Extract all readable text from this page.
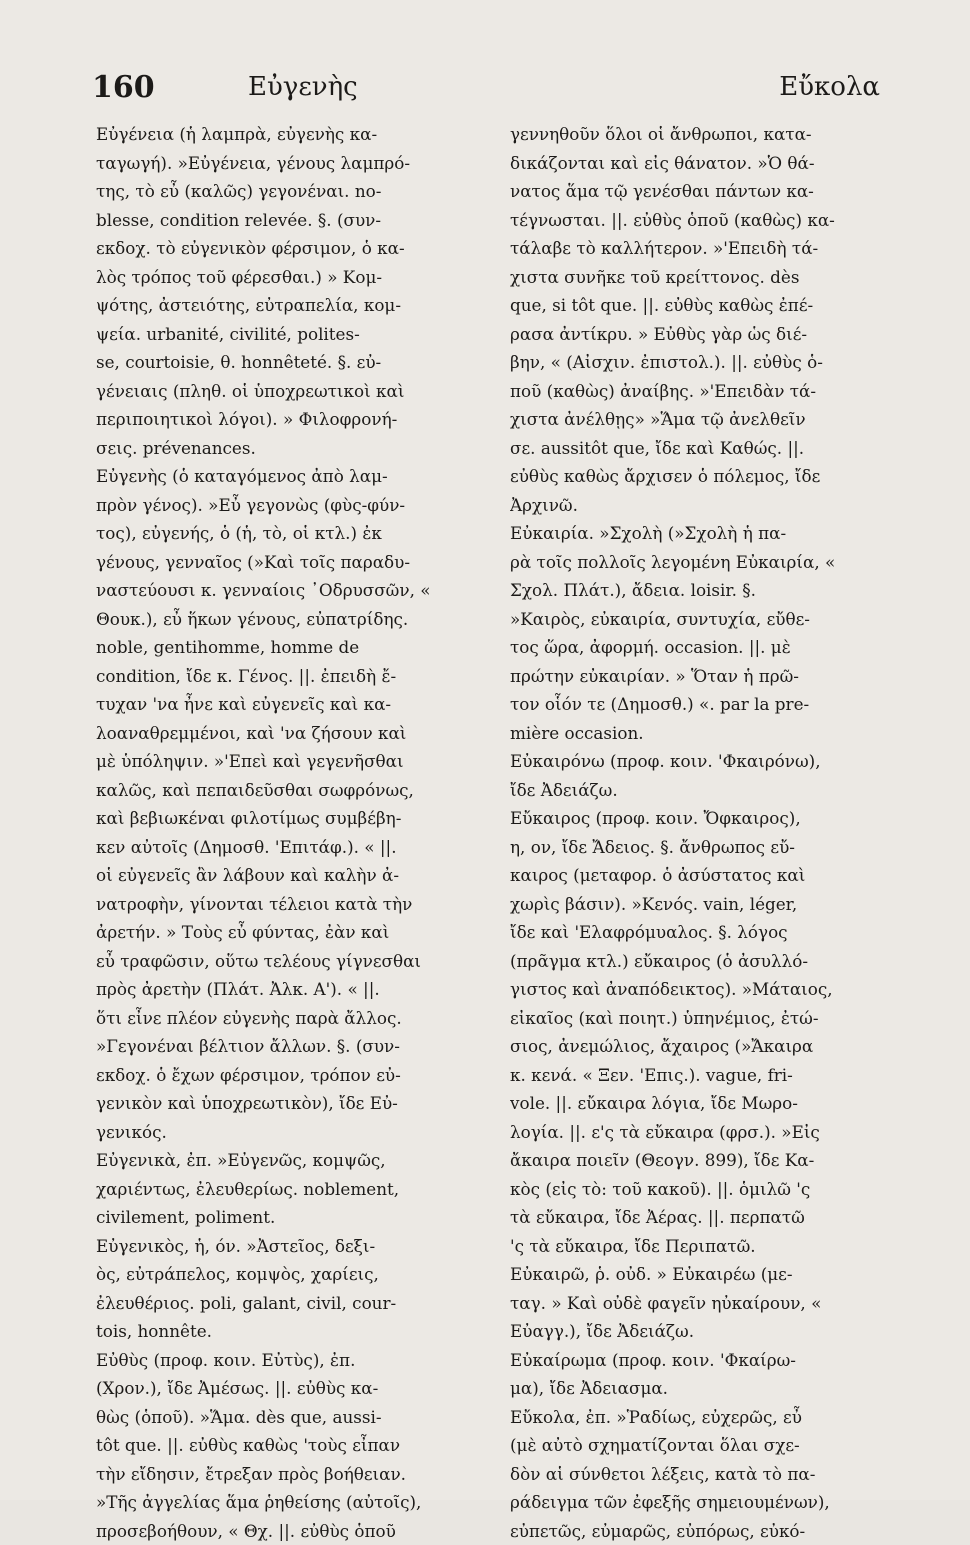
160	Εὐγενὴς	Εὔκολα
Εὐγένεια (ἡ λαμπρὰ, εὐγενὴς κα-
ταγωγή). »Εὐγένεια, γένους λαμπρό-
της, τὸ εὖ (καλῶς) γεγονέναι. no-
blesse, condition relevée. §. (συν-
εκδοχ. τὸ εὐγενικὸν φέρσιμον, ὁ κα-
λὸς τρόπος τοῦ φέρεσθαι.) » Κομ-
ψότης, ἀστειότης, εὐτραπελία, κομ-
ψεία. urbanité, civilité, polites-
se, courtoisie, θ. honnêteté. §. εὐ-
γένειαις (πληθ. οἱ ὑποχρεωτικοὶ καὶ
περιποιητικοὶ λόγοι). » Φιλοφρονή-
σεις. prévenances.
Εὐγενὴς (ὁ καταγόμενος ἀπὸ λαμ-
πρὸν γένος). »Εὖ γεγονὼς (φὺς-φύν-
τος), εὐγενής, ὁ (ἡ, τὸ, οἱ κτλ.) ἐκ
γένους, γενναῖος (»Καὶ τοῖς παραδυ-
ναστεύουσι κ. γενναίοις ᾿Οδρυσσῶν, «
Θουκ.), εὖ ἥκων γένους, εὐπατρίδης.
noble, gentihomme, homme de
condition, ἴδε κ. Γένος. ||. ἐπειδὴ ἔ-
τυχαν 'να ἦνε καὶ εὐγενεῖς καὶ κα-
λοαναθρεμμένοι, καὶ 'να ζήσουν καὶ
μὲ ὑπόληψιν. »'Επεὶ καὶ γεγενῆσθαι
καλῶς, καὶ πεπαιδεῦσθαι σωφρόνως,
καὶ βεβιωκέναι φιλοτίμως συμβέβη-
κεν αὐτοῖς (Δημοσθ. 'Επιτάφ.). « ||.
οἱ εὐγενεῖς ἂν λάβουν καὶ καλὴν ἀ-
νατροφὴν, γίνονται τέλειοι κατὰ τὴν
ἀρετήν. » Τοὺς εὖ φύντας, ἐὰν καὶ
εὖ τραφῶσιν, οὕτω τελέους γίγνεσθαι
πρὸς ἀρετὴν (Πλάτ. Ἀλκ. Α'). « ||.
ὅτι εἶνε πλέον εὐγενὴς παρὰ ἄλλος.
»Γεγονέναι βέλτιον ἄλλων. §. (συν-
εκδοχ. ὁ ἔχων φέρσιμον, τρόπον εὐ-
γενικὸν καὶ ὑποχρεωτικὸν), ἴδε Εὐ-
γενικός.
Εὐγενικὰ, ἐπ. »Εὐγενῶς, κομψῶς,
χαριέντως, ἐλευθερίως. noblement,
civilement, poliment.
Εὐγενικὸς, ἡ, όν. »Ἀστεῖος, δεξι-
ὸς, εὐτράπελος, κομψὸς, χαρίεις,
ἐλευθέριος. poli, galant, civil, cour-
tois, honnête.
Εὐθὺς (προφ. κοιν. Εὐτὺς), ἐπ.
(Χρον.), ἴδε Ἀμέσως. ||. εὐθὺς κα-
θὼς (ὁποῦ). »Ἅμα. dès que, aussi-
tôt que. ||. εὐθὺς καθὼς 'τοὺς εἶπαν
τὴν εἴδησιν, ἔτρεξαν πρὸς βοήθειαν.
»Τῆς ἀγγελίας ἅμα ῥηθείσης (αὐτοῖς),
προσεβοήθουν, « Θχ. ||. εὐθὺς ὁποῦ
γεννηθοῦν ὅλοι οἱ ἄνθρωποι, κατα-
δικάζονται καὶ εἰς θάνατον. »Ὁ θά-
νατος ἅμα τῷ γενέσθαι πάντων κα-
τέγνωσται. ||. εὐθὺς ὁποῦ (καθὼς) κα-
τάλαβε τὸ καλλήτερον. »'Επειδὴ τά-
χιστα συνῆκε τοῦ κρείττονος. dès
que, si tôt que. ||. εὐθὺς καθὼς ἐπέ-
ρασα ἀντίκρυ. » Εὐθὺς γὰρ ὡς διέ-
βην, « (Αἰσχιν. ἐπιστολ.). ||. εὐθὺς ὁ-
ποῦ (καθὼς) ἀναίβης. »'Επειδὰν τά-
χιστα ἀνέλθῃς» »Ἅμα τῷ ἀνελθεῖν
σε. aussitôt que, ἴδε καὶ Καθώς. ||.
εὐθὺς καθὼς ἄρχισεν ὁ πόλεμος, ἴδε
Ἀρχινῶ.
Εὐκαιρία. »Σχολὴ (»Σχολὴ ἡ πα-
ρὰ τοῖς πολλοῖς λεγομένη Εὐκαιρία, «
Σχολ. Πλάτ.), ἄδεια. loisir. §.
»Καιρὸς, εὐκαιρία, συντυχία, εὔθε-
τος ὥρα, ἀφορμή. occasion. ||. μὲ
πρώτην εὐκαιρίαν. » Ὅταν ἡ πρῶ-
τον οἷόν τε (Δημοσθ.) «. par la pre-
mière occasion.
Εὐκαιρόνω (προφ. κοιν. 'Φκαιρόνω),
ἴδε Ἀδειάζω.
Εὔκαιρος (προφ. κοιν. Ὄφκαιρος),
η, ον, ἴδε Ἄδειος. §. ἄνθρωπος εὔ-
καιρος (μεταφορ. ὁ ἀσύστατος καὶ
χωρὶς βάσιν). »Κενός. vain, léger,
ἴδε καὶ 'Ελαφρόμυαλος. §. λόγος
(πρᾶγμα κτλ.) εὔκαιρος (ὁ ἀσυλλό-
γιστος καὶ ἀναπόδεικτος). »Μάταιος,
εἰκαῖος (καὶ ποιητ.) ὑπηνέμιος, ἐτώ-
σιος, ἀνεμώλιος, ἄχαιρος (»Ἄκαιρα
κ. κενά. « Ξεν. 'Επις.). vague, fri-
vole. ||. εὔκαιρα λόγια, ἴδε Μωρο-
λογία. ||. ε'ς τὰ εὔκαιρα (φρσ.). »Εἰς
ἄκαιρα ποιεῖν (Θεογν. 899), ἴδε Κα-
κὸς (εἰς τὸ: τοῦ κακοῦ). ||. ὁμιλῶ 'ς
τὰ εὔκαιρα, ἴδε Ἀέρας. ||. περπατῶ
'ς τὰ εὔκαιρα, ἴδε Περιπατῶ.
Εὐκαιρῶ, ῥ. οὐδ. » Εὐκαιρέω (με-
ταγ. » Καὶ οὐδὲ φαγεῖν ηὐκαίρουν, «
Εὐαγγ.), ἴδε Ἀδειάζω.
Εὐκαίρωμα (προφ. κοιν. 'Φκαίρω-
μα), ἴδε Ἀδειασμα.
Εὔκολα, ἐπ. »Ῥαδίως, εὐχερῶς, εὖ
(μὲ αὐτὸ σχηματίζονται ὅλαι σχε-
δὸν αἱ σύνθετοι λέξεις, κατὰ τὸ πα-
ράδειγμα τῶν ἐφεξῆς σημειουμένων),
εὐπετῶς, εὐμαρῶς, εὐπόρως, εὐκό-
